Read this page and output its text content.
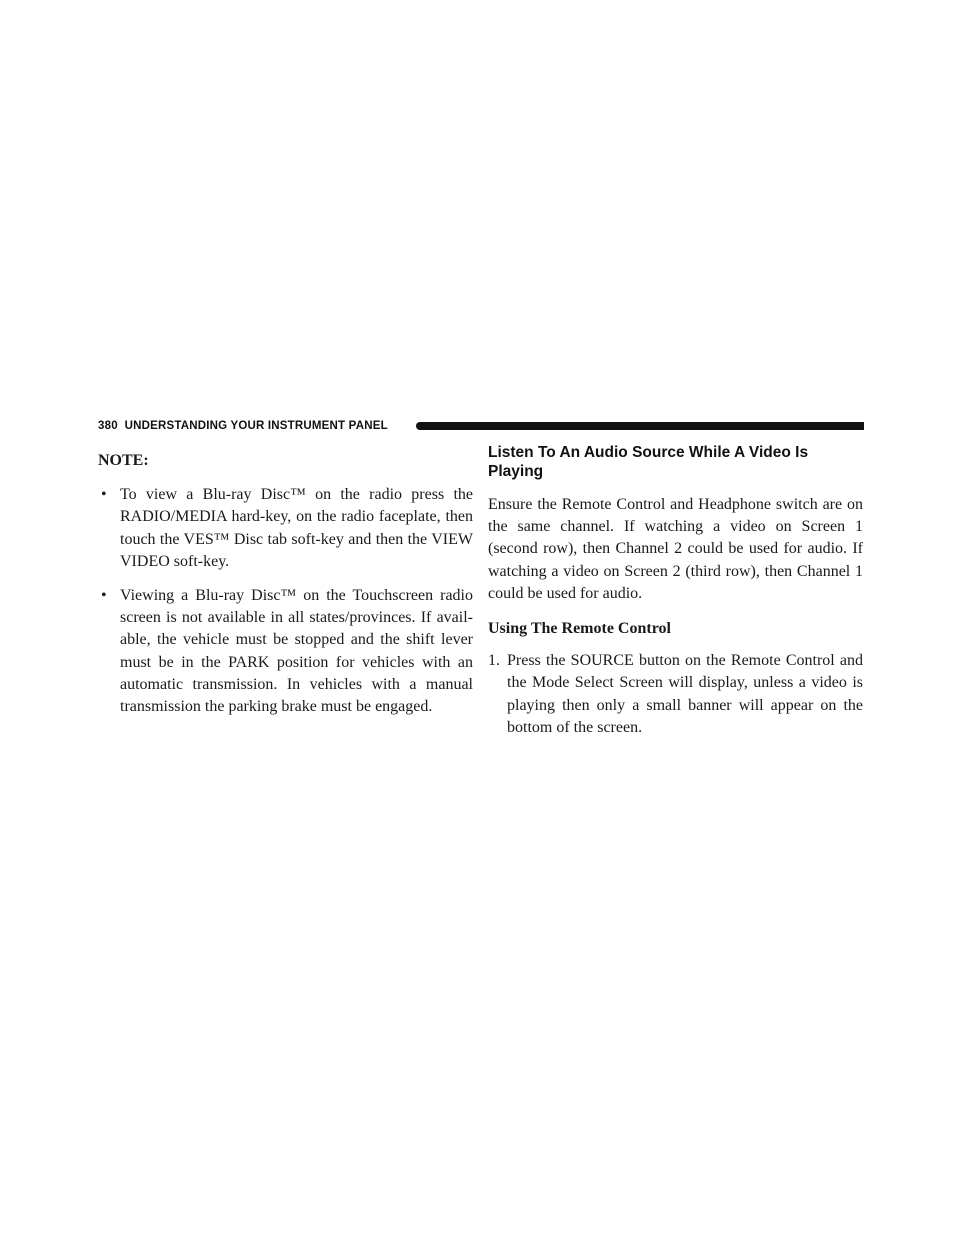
380 UNDERSTANDING YOUR INSTRUMENT PANEL
NOTE:
• To view a Blu-ray Disc™ on the radio press the RADIO/MEDIA hard-key, on the radio faceplate, then touch the VES™ Disc tab soft-key and then the VIEW VIDEO soft-key.
• Viewing a Blu-ray Disc™ on the Touchscreen radio screen is not available in all states/provinces. If avail-able, the vehicle must be stopped and the shift lever must be in the PARK position for vehicles with an automatic transmission. In vehicles with a manual transmission the parking brake must be engaged.
Listen To An Audio Source While A Video Is Playing

Ensure the Remote Control and Headphone switch are on the same channel. If watching a video on Screen 1 (second row), then Channel 2 could be used for audio. If watching a video on Screen 2 (third row), then Channel 1 could be used for audio.

Using The Remote Control
1. Press the SOURCE button on the Remote Control and the Mode Select Screen will display, unless a video is playing then only a small banner will appear on the bottom of the screen.
